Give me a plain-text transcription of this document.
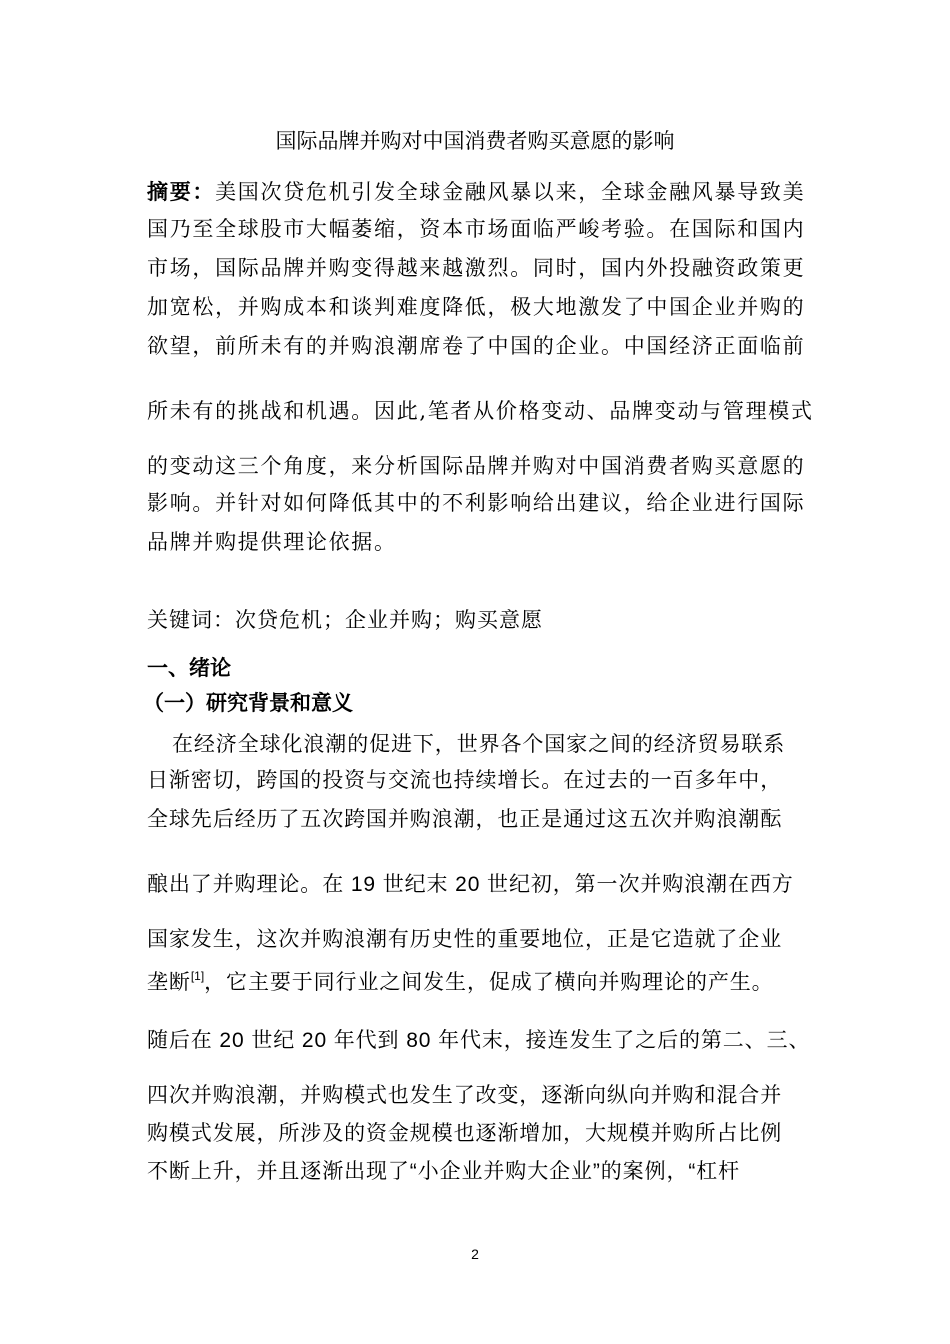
国际品牌并购对中国消费者购买意愿的影响
摘要：美国次贷危机引发全球金融风暴以来，全球金融风暴导致美
国乃至全球股市大幅萎缩，资本市场面临严峻考验。在国际和国内
市场，国际品牌并购变得越来越激烈。同时，国内外投融资政策更
加宽松，并购成本和谈判难度降低，极大地激发了中国企业并购的
欲望，前所未有的并购浪潮席卷了中国的企业。中国经济正面临前
所未有的挑战和机遇。因此,笔者从价格变动、品牌变动与管理模式
的变动这三个角度，来分析国际品牌并购对中国消费者购买意愿的
影响。并针对如何降低其中的不利影响给出建议，给企业进行国际
品牌并购提供理论依据。
关键词：次贷危机；企业并购；购买意愿
一、绪论
（一）研究背景和意义
在经济全球化浪潮的促进下，世界各个国家之间的经济贸易联系
日渐密切，跨国的投资与交流也持续增长。在过去的一百多年中，
全球先后经历了五次跨国并购浪潮，也正是通过这五次并购浪潮酝
酿出了并购理论。在 19 世纪末 20 世纪初，第一次并购浪潮在西方
国家发生，这次并购浪潮有历史性的重要地位，正是它造就了企业
垄断[1]，它主要于同行业之间发生，促成了横向并购理论的产生。
随后在 20 世纪 20 年代到 80 年代末，接连发生了之后的第二、三、
四次并购浪潮，并购模式也发生了改变，逐渐向纵向并购和混合并
购模式发展，所涉及的资金规模也逐渐增加，大规模并购所占比例
不断上升，并且逐渐出现了“小企业并购大企业”的案例，“杠杆
2
